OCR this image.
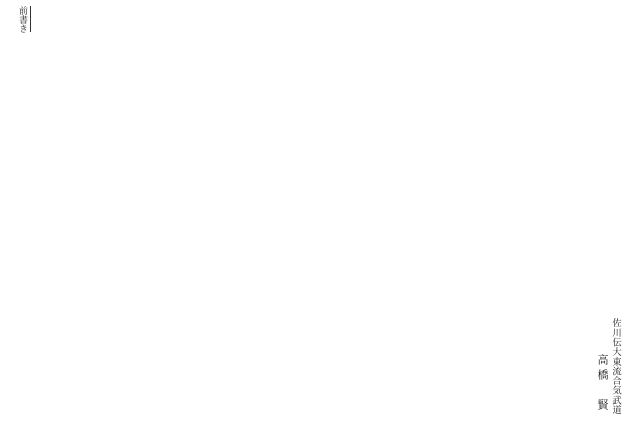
前書き
佐川伝大東流合気武道
高橋　賢
